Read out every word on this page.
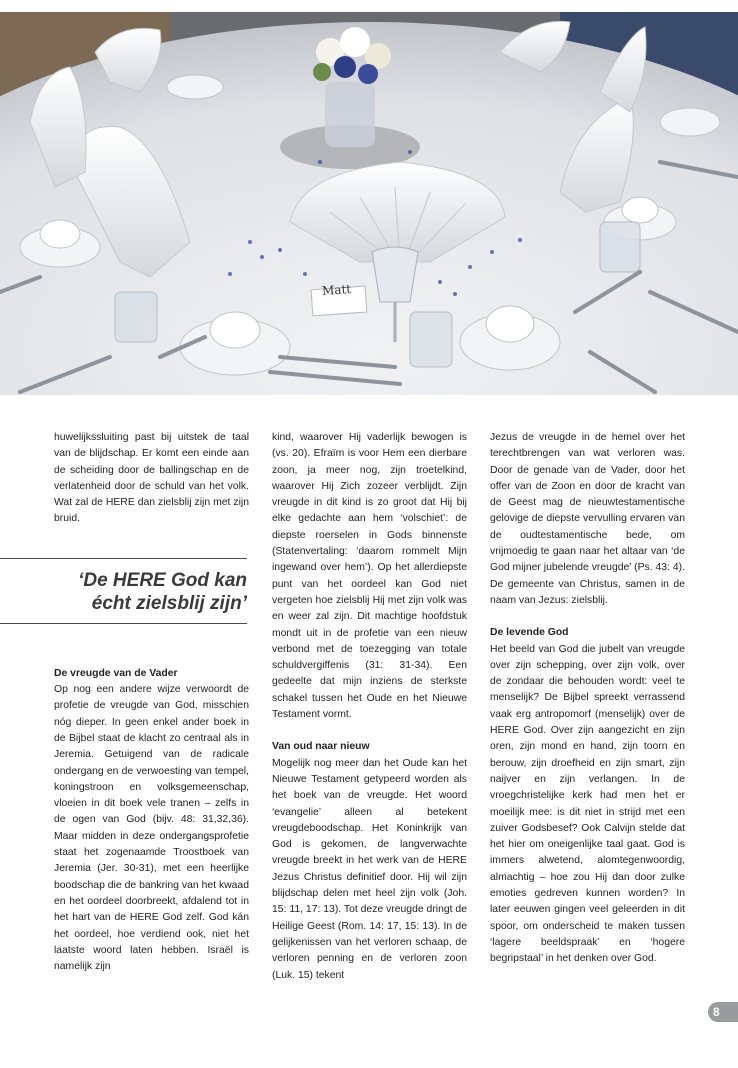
Matt

huwelijkssluiting past bij uitstek de taal van de blijdschap. Er komt een einde aan de scheiding door de ballingschap en de verlatenheid door de schuld van het volk. Wat zal de HERE dan zielsblij zijn met zijn bruid.

‘De HERE God kan
écht zielsblij zijn’
De vreugde van de Vader

Op nog een andere wijze verwoordt de profetie de vreugde van God, misschien nóg dieper. In geen enkel ander boek in de Bijbel staat de klacht zo centraal als in Jeremia. Getuigend van de radicale ondergang en de verwoesting van tempel, koningstroon en volksgemeenschap, vloeien in dit boek vele tranen – zelfs in de ogen van God (bijv. 48: 31,32,36). Maar midden in deze ondergangsprofetie staat het zogenaamde Troostboek van Jeremia (Jer. 30-31), met een heerlijke boodschap die de bankring van het kwaad en het oordeel doorbreekt, afdalend tot in het hart van de HERE God zelf. God kán het oordeel, hoe verdiend ook, niet het laatste woord laten hebben. Israël is namelijk zijn

kind, waarover Hij vaderlijk bewogen is (vs. 20). Efraïm is voor Hem een dierbare zoon, ja meer nog, zijn troetelkind, waarover Hij Zich zozeer verblijdt. Zijn vreugde in dit kind is zo groot dat Hij bij elke gedachte aan hem ‘volschiet’: de diepste roerselen in Gods binnenste (Statenvertaling: ‘daarom rommelt Mijn ingewand over hem’). Op het allerdiepste punt van het oordeel kan God niet vergeten hoe zielsblij Hij met zijn volk was en weer zal zijn. Dit machtige hoofdstuk mondt uit in de profetie van een nieuw verbond met de toezegging van totale schuldvergiffenis (31: 31-34). Een gedeelte dat mijn inziens de sterkste schakel tussen het Oude en het Nieuwe Testament vormt.

Van oud naar nieuw

Mogelijk nog meer dan het Oude kan het Nieuwe Testament getypeerd worden als het boek van de vreugde. Het woord ‘evangelie’ alleen al betekent vreugdeboodschap. Het Koninkrijk van God is gekomen, de langverwachte vreugde breekt in het werk van de HERE Jezus Christus definitief door. Hij wil zijn blijdschap delen met heel zijn volk (Joh. 15: 11, 17: 13). Tot deze vreugde dringt de Heilige Geest (Rom. 14: 17, 15: 13). In de gelijkenissen van het verloren schaap, de verloren penning en de verloren zoon (Luk. 15) tekent

Jezus de vreugde in de hemel over het terechtbrengen van wat verloren was. Door de genade van de Vader, door het offer van de Zoon en door de kracht van de Geest mag de nieuwtestamentische gelovige de diepste vervulling ervaren van de oudtestamentische bede, om vrijmoedig te gaan naar het altaar van ‘de God mijner jubelende vreugde’ (Ps. 43: 4). De gemeente van Christus, samen in de naam van Jezus: zielsblij.

De levende God

Het beeld van God die jubelt van vreugde over zijn schepping, over zijn volk, over de zondaar die behouden wordt: veel te menselijk? De Bijbel spreekt verrassend vaak erg antropomorf (menselijk) over de HERE God. Over zijn aangezicht en zijn oren, zijn mond en hand, zijn toorn en berouw, zijn droefheid en zijn smart, zijn naijver en zijn verlangen. In de vroegchristelijke kerk had men het er moeilijk mee: is dit niet in strijd met een zuiver Godsbesef? Ook Calvijn stelde dat het hier om oneigenlijke taal gaat. God is immers alwetend, alomtegenwoordig, almachtig – hoe zou Hij dan door zulke emoties gedreven kunnen worden? In later eeuwen gingen veel geleerden in dit spoor, om onderscheid te maken tussen ‘lagere beeldspraak’ en ‘hogere begripstaal’ in het denken over God.

8
